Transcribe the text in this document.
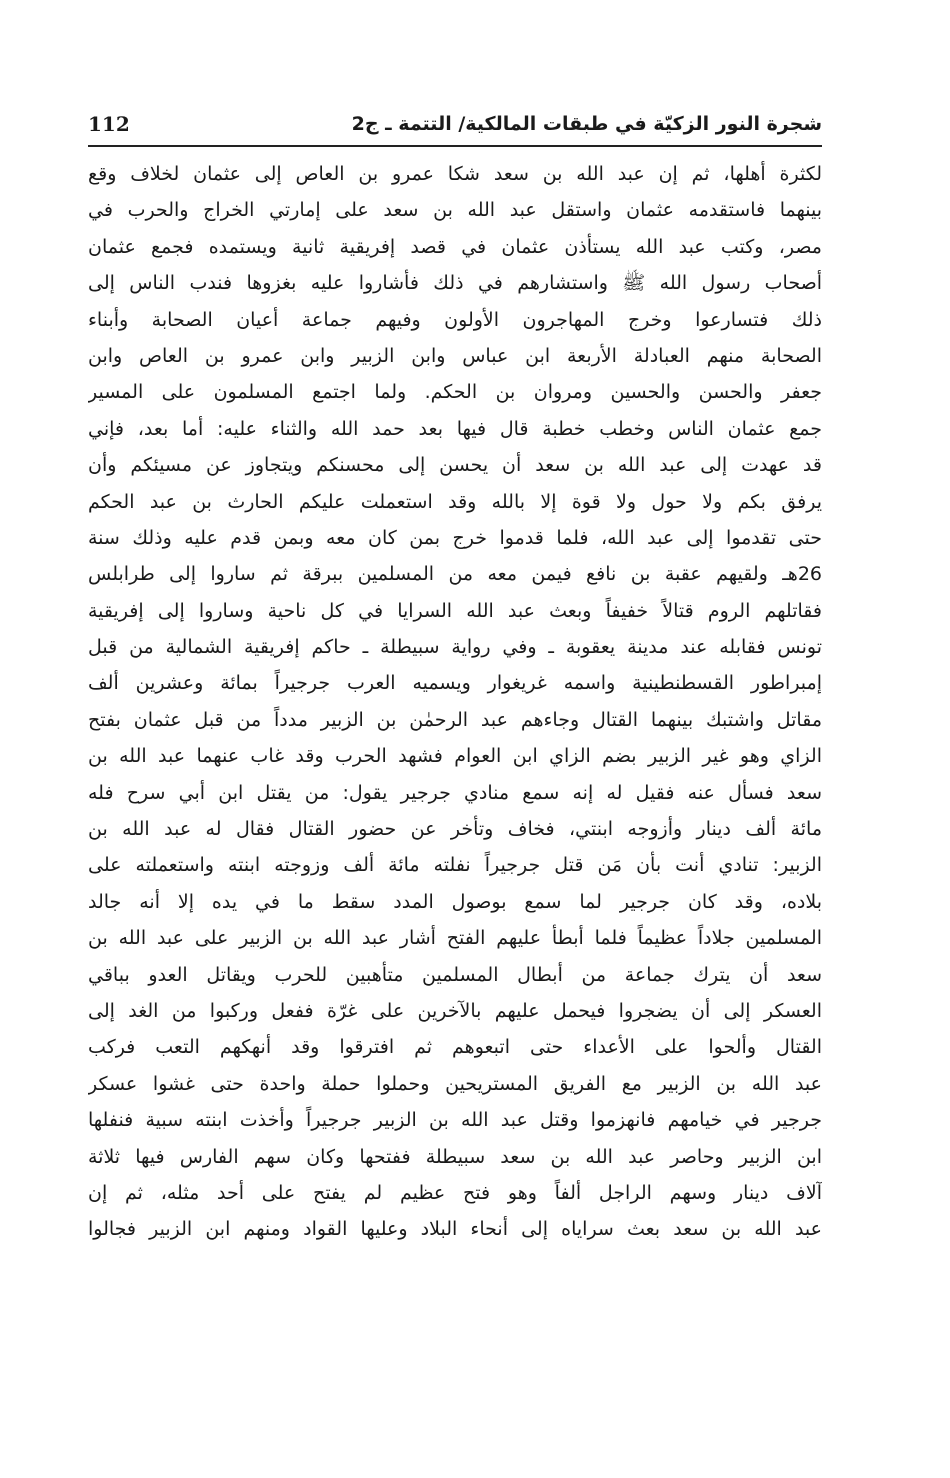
112	شجرة النور الزكيّة في طبقات المالكية/ التتمة ـ ج2
لكثرة أهلها، ثم إن عبد الله بن سعد شكا عمرو بن العاص إلى عثمان لخلاف وقع
بينهما فاستقدمه عثمان واستقل عبد الله بن سعد على إمارتي الخراج والحرب في
مصر، وكتب عبد الله يستأذن عثمان في قصد إفريقية ثانية ويستمده فجمع عثمان
أصحاب رسول الله ﷺ واستشارهم في ذلك فأشاروا عليه بغزوها فندب الناس إلى
ذلك فتسارعوا وخرج المهاجرون الأولون وفيهم جماعة أعيان الصحابة وأبناء
الصحابة منهم العبادلة الأربعة ابن عباس وابن الزبير وابن عمرو بن العاص وابن
جعفر والحسن والحسين ومروان بن الحكم. ولما اجتمع المسلمون على المسير
جمع عثمان الناس وخطب خطبة قال فيها بعد حمد الله والثناء عليه: أما بعد، فإني
قد عهدت إلى عبد الله بن سعد أن يحسن إلى محسنكم ويتجاوز عن مسيئكم وأن
يرفق بكم ولا حول ولا قوة إلا بالله وقد استعملت عليكم الحارث بن عبد الحكم
حتى تقدموا إلى عبد الله، فلما قدموا خرج بمن كان معه وبمن قدم عليه وذلك سنة
26هـ ولقيهم عقبة بن نافع فيمن معه من المسلمين ببرقة ثم ساروا إلى طرابلس
فقاتلهم الروم قتالاً خفيفاً وبعث عبد الله السرايا في كل ناحية وساروا إلى إفريقية
تونس فقابله عند مدينة يعقوبة ـ وفي رواية سبيطلة ـ حاكم إفريقية الشمالية من قبل
إمبراطور القسطنطينية واسمه غريغوار ويسميه العرب جرجيراً بمائة وعشرين ألف
مقاتل واشتبك بينهما القتال وجاءهم عبد الرحمٰن بن الزبير مدداً من قبل عثمان بفتح
الزاي وهو غير الزبير بضم الزاي ابن العوام فشهد الحرب وقد غاب عنهما عبد الله بن
سعد فسأل عنه فقيل له إنه سمع منادي جرجير يقول: من يقتل ابن أبي سرح فله
مائة ألف دينار وأزوجه ابنتي، فخاف وتأخر عن حضور القتال فقال له عبد الله بن
الزبير: تنادي أنت بأن مَن قتل جرجيراً نفلته مائة ألف وزوجته ابنته واستعملته على
بلاده، وقد كان جرجير لما سمع بوصول المدد سقط ما في يده إلا أنه جالد
المسلمين جلاداً عظيماً فلما أبطأ عليهم الفتح أشار عبد الله بن الزبير على عبد الله بن
سعد أن يترك جماعة من أبطال المسلمين متأهبين للحرب ويقاتل العدو بباقي
العسكر إلى أن يضجروا فيحمل عليهم بالآخرين على غرّة ففعل وركبوا من الغد إلى
القتال وألحوا على الأعداء حتى اتبعوهم ثم افترقوا وقد أنهكهم التعب فركب
عبد الله بن الزبير مع الفريق المستريحين وحملوا حملة واحدة حتى غشوا عسكر
جرجير في خيامهم فانهزموا وقتل عبد الله بن الزبير جرجيراً وأخذت ابنته سبية فنفلها
ابن الزبير وحاصر عبد الله بن سعد سبيطلة ففتحها وكان سهم الفارس فيها ثلاثة
آلاف دينار وسهم الراجل ألفاً وهو فتح عظيم لم يفتح على أحد مثله، ثم إن
عبد الله بن سعد بعث سراياه إلى أنحاء البلاد وعليها القواد ومنهم ابن الزبير فجالوا
